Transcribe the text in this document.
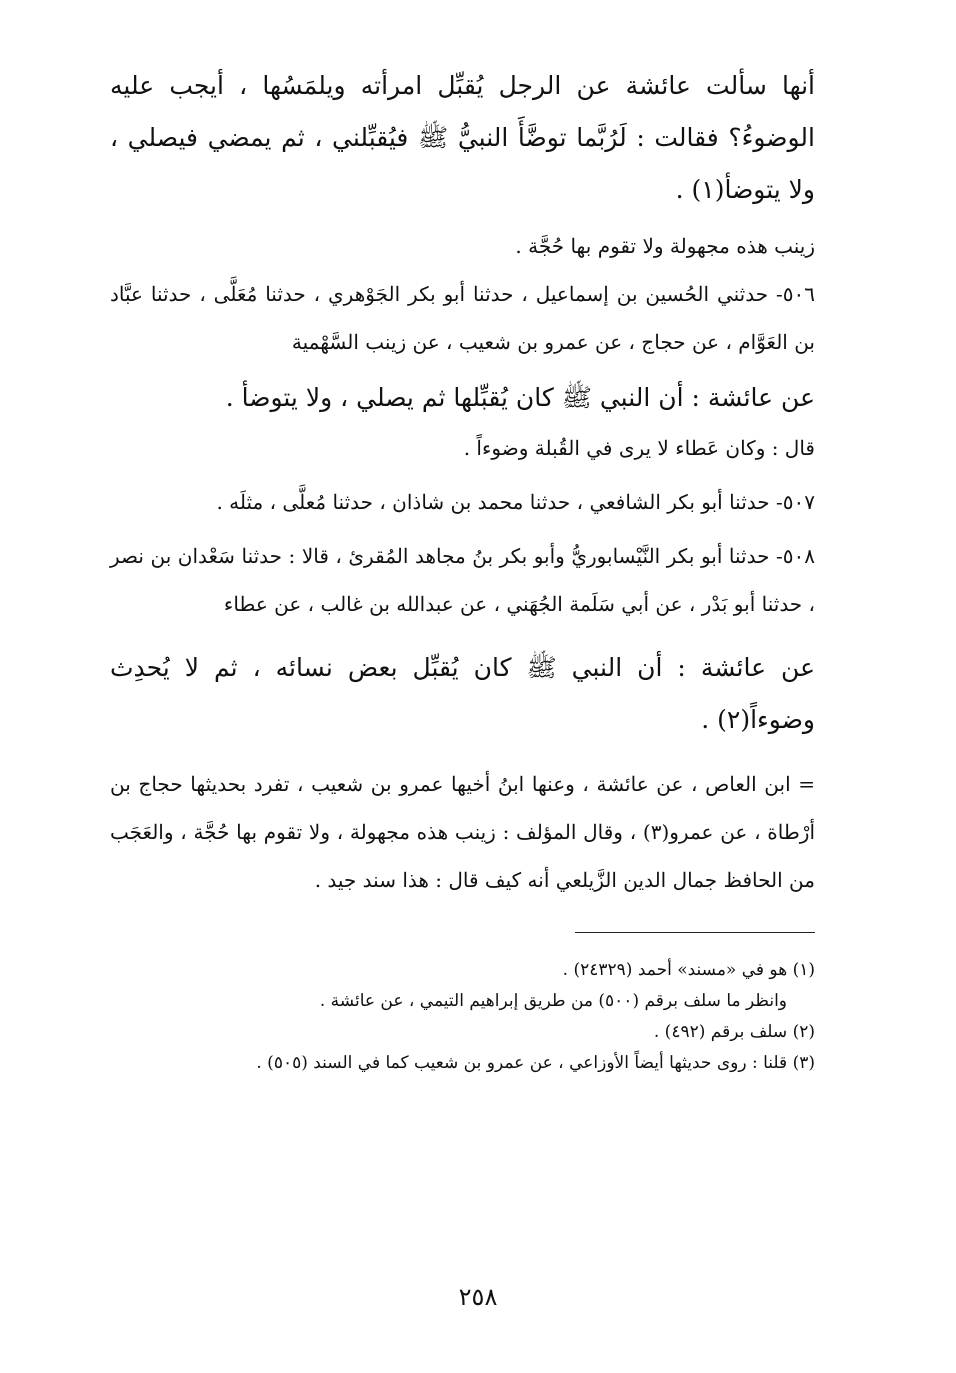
أنها سألت عائشة عن الرجل يُقبِّل امرأته ويلمَسُها ، أيجب عليه الوضوءُ؟ فقالت : لَرُبَّما توضَّأَ النبيُّ ﷺ فيُقبِّلني ، ثم يمضي فيصلي ، ولا يتوضأ(١) .

زينب هذه مجهولة ولا تقوم بها حُجَّة .

٥٠٦- حدثني الحُسين بن إسماعيل ، حدثنا أبو بكر الجَوْهري ، حدثنا مُعَلَّى ، حدثنا عبَّاد بن العَوَّام ، عن حجاج ، عن عمرو بن شعيب ، عن زينب السَّهْمية

عن عائشة : أن النبي ﷺ كان يُقبِّلها ثم يصلي ، ولا يتوضأ .

قال : وكان عَطاء لا يرى في القُبلة وضوءاً .

٥٠٧- حدثنا أبو بكر الشافعي ، حدثنا محمد بن شاذان ، حدثنا مُعلَّى ، مثلَه .

٥٠٨- حدثنا أبو بكر النَّيْسابوريُّ وأبو بكر بنُ مجاهد المُقرئ ، قالا : حدثنا سَعْدان بن نصر ، حدثنا أبو بَدْر ، عن أبي سَلَمة الجُهَني ، عن عبدالله بن غالب ، عن عطاء

عن عائشة : أن النبي ﷺ كان يُقبِّل بعض نسائه ، ثم لا يُحدِث وضوءاً(٢) .

= ابن العاص ، عن عائشة ، وعنها ابنُ أخيها عمرو بن شعيب ، تفرد بحديثها حجاج بن أرْطاة ، عن عمرو(٣) ، وقال المؤلف : زينب هذه مجهولة ، ولا تقوم بها حُجَّة ، والعَجَب من الحافظ جمال الدين الزَّيلعي أنه كيف قال : هذا سند جيد .

(١) هو في «مسند» أحمد (٢٤٣٢٩) .

وانظر ما سلف برقم (٥٠٠) من طريق إبراهيم التيمي ، عن عائشة .

(٢) سلف برقم (٤٩٢) .

(٣) قلنا : روى حديثها أيضاً الأوزاعي ، عن عمرو بن شعيب كما في السند (٥٠٥) .

٢٥٨
